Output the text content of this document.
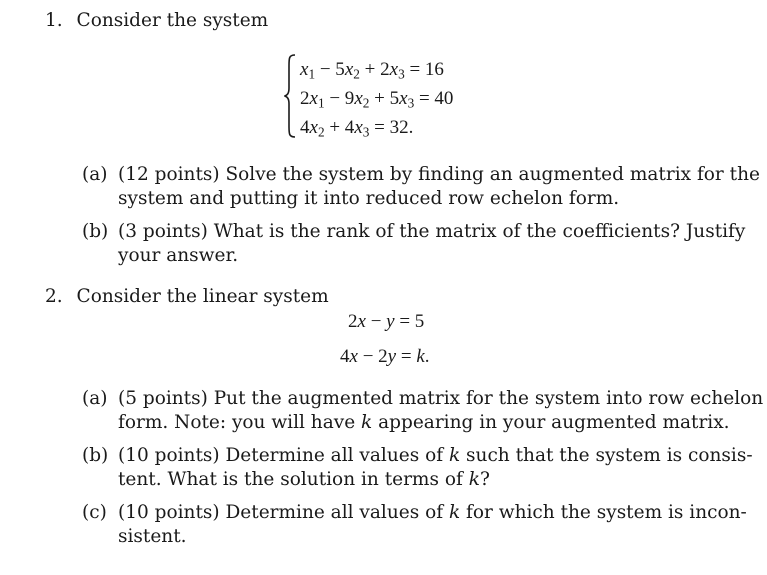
1. Consider the system
$x_1 - 5x_2 + 2x_3 = 16$
$2x_1 - 9x_2 + 5x_3 = 40$
$4x_2 + 4x_3 = 32$.
(a) (12 points) Solve the system by finding an augmented matrix for the
system and putting it into reduced row echelon form.
(b) (3 points) What is the rank of the matrix of the coefficients? Justify
your answer.
2. Consider the linear system
2x − y = 5
4x − 2y = k.
(a) (5 points) Put the augmented matrix for the system into row echelon
form. Note: you will have k appearing in your augmented matrix.
(b) (10 points) Determine all values of k such that the system is consis-
tent. What is the solution in terms of k?
(c) (10 points) Determine all values of k for which the system is incon-
sistent.
